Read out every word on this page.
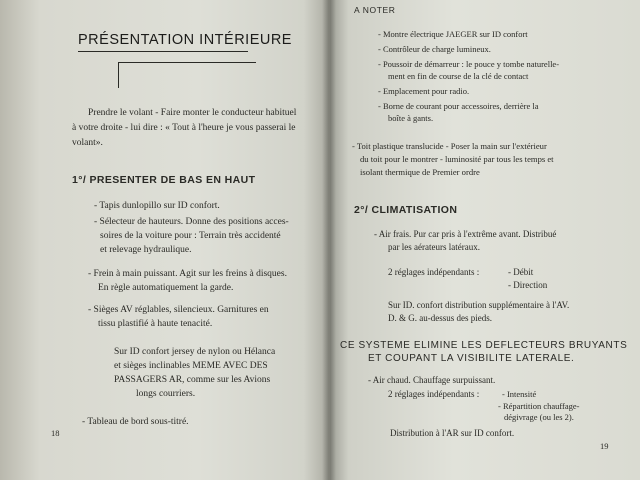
PRÉSENTATION INTÉRIEURE
Prendre le volant - Faire monter le conducteur habituel
à votre droite - lui dire : « Tout à l'heure je vous passerai le
volant».
1°/ PRESENTER DE BAS EN HAUT
- Tapis dunlopillo sur ID confort.
- Sélecteur de hauteurs. Donne des positions acces-
soires de la voiture pour : Terrain très accidenté
et relevage hydraulique.
- Frein à main puissant. Agit sur les freins à disques.
En règle automatiquement la garde.
- Sièges AV réglables, silencieux. Garnitures en
tissu plastifié à haute tenacité.
Sur ID confort jersey de nylon ou Hélanca
et sièges inclinables MEME AVEC DES
PASSAGERS AR, comme sur les Avions
longs courriers.
- Tableau de bord sous-titré.
18
A NOTER
- Montre électrique JAEGER sur ID confort
- Contrôleur de charge lumineux.
- Poussoir de démarreur : le pouce y tombe naturelle-
ment en fin de course de la clé de contact
- Emplacement pour radio.
- Borne de courant pour accessoires, derrière la
boîte à gants.
- Toit plastique translucide - Poser la main sur l'extérieur
du toit pour le montrer - luminosité par tous les temps et
isolant thermique de Premier ordre
2°/ CLIMATISATION
- Air frais. Pur car pris à l'extrême avant. Distribué
par les aérateurs latéraux.
2 réglages indépendants :	- Débit
- Direction
Sur ID. confort distribution supplémentaire à l'AV.
D. & G. au-dessus des pieds.
CE SYSTEME ELIMINE LES DEFLECTEURS BRUYANTS
ET COUPANT LA VISIBILITE LATERALE.
- Air chaud. Chauffage surpuissant.
2 réglages indépendants :	- Intensité
- Répartition chauffage-
dégivrage (ou les 2).
Distribution à l'AR sur ID confort.
19
